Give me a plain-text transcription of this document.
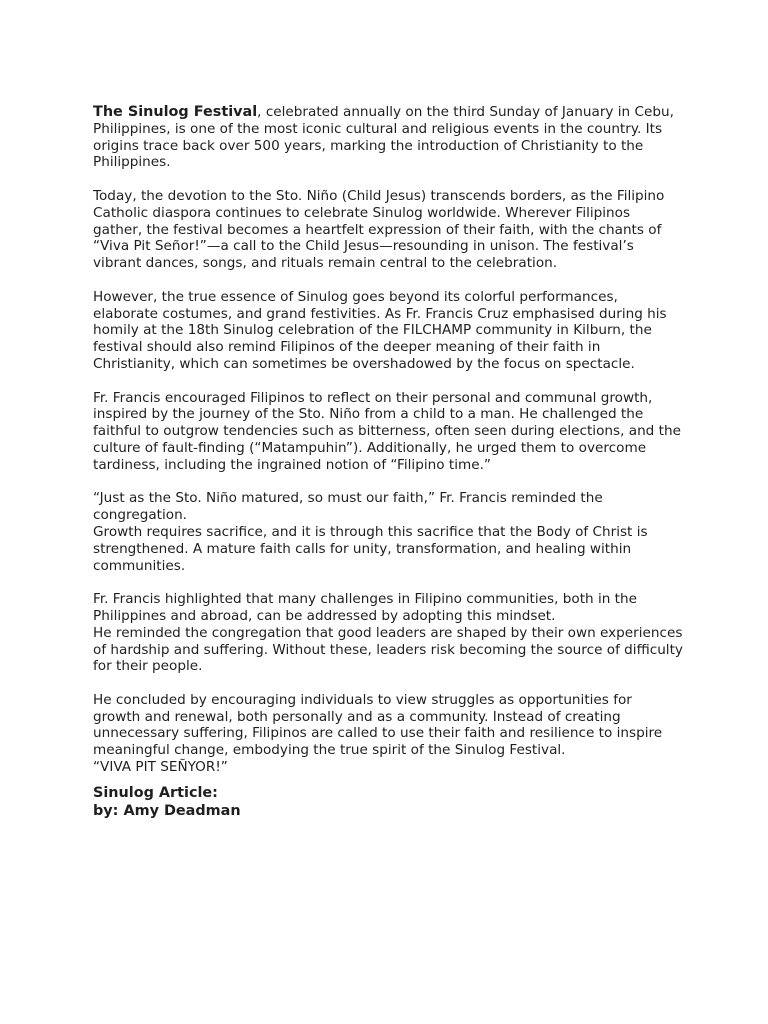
The Sinulog Festival, celebrated annually on the third Sunday of January in Cebu, Philippines, is one of the most iconic cultural and religious events in the country. Its origins trace back over 500 years, marking the introduction of Christianity to the Philippines.

Today, the devotion to the Sto. Niño (Child Jesus) transcends borders, as the Filipino Catholic diaspora continues to celebrate Sinulog worldwide. Wherever Filipinos gather, the festival becomes a heartfelt expression of their faith, with the chants of “Viva Pit Señor!”—a call to the Child Jesus—resounding in unison. The festival’s vibrant dances, songs, and rituals remain central to the celebration.

However, the true essence of Sinulog goes beyond its colorful performances, elaborate costumes, and grand festivities. As Fr. Francis Cruz emphasised during his homily at the 18th Sinulog celebration of the FILCHAMP community in Kilburn, the festival should also remind Filipinos of the deeper meaning of their faith in Christianity, which can sometimes be overshadowed by the focus on spectacle.

Fr. Francis encouraged Filipinos to reflect on their personal and communal growth, inspired by the journey of the Sto. Niño from a child to a man. He challenged the faithful to outgrow tendencies such as bitterness, often seen during elections, and the culture of fault-finding (“Matampuhin”). Additionally, he urged them to overcome tardiness, including the ingrained notion of “Filipino time.”

“Just as the Sto. Niño matured, so must our faith,” Fr. Francis reminded the congregation.
Growth requires sacrifice, and it is through this sacrifice that the Body of Christ is strengthened. A mature faith calls for unity, transformation, and healing within communities.

Fr. Francis highlighted that many challenges in Filipino communities, both in the Philippines and abroad, can be addressed by adopting this mindset.
He reminded the congregation that good leaders are shaped by their own experiences of hardship and suffering. Without these, leaders risk becoming the source of difficulty for their people.

He concluded by encouraging individuals to view struggles as opportunities for growth and renewal, both personally and as a community. Instead of creating unnecessary suffering, Filipinos are called to use their faith and resilience to inspire meaningful change, embodying the true spirit of the Sinulog Festival.
“VIVA PIT SEÑYOR!”

Sinulog Article:
by: Amy Deadman
